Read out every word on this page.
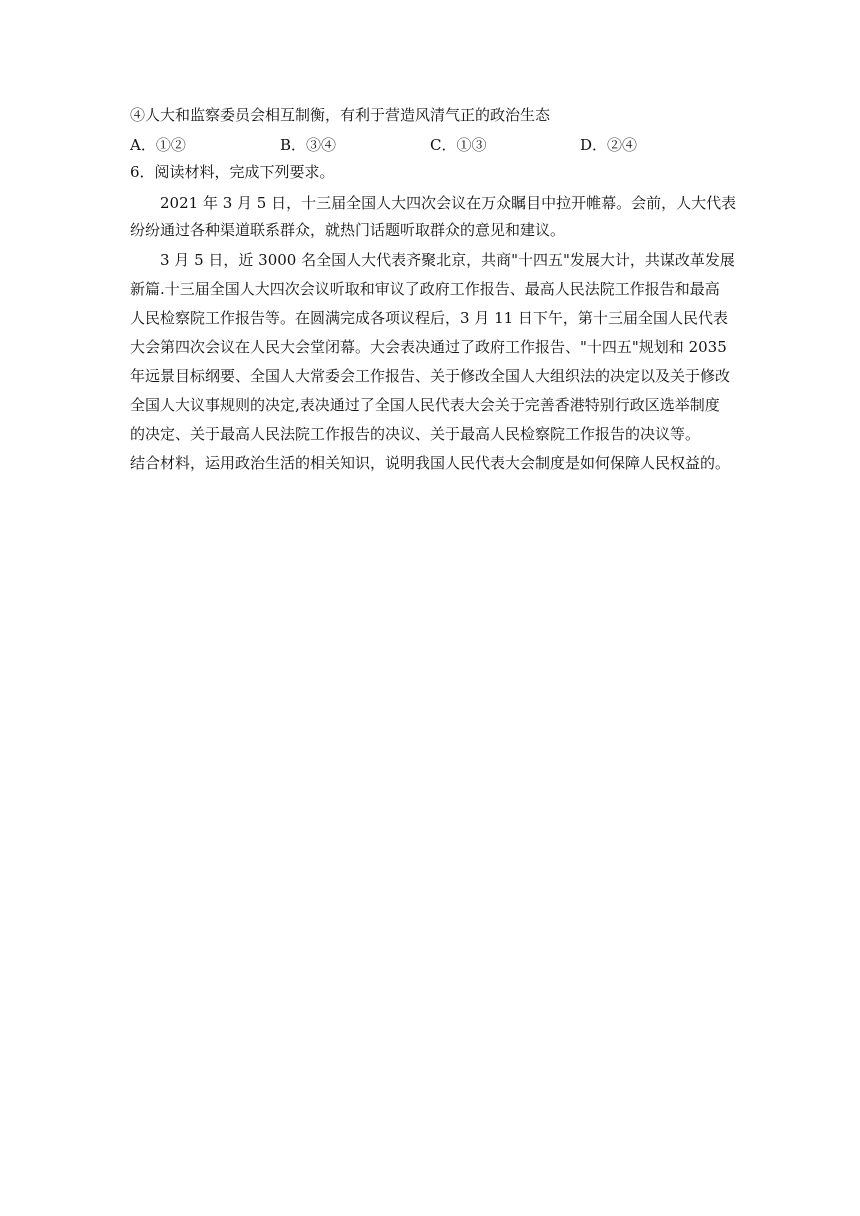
④人大和监察委员会相互制衡，有利于营造风清气正的政治生态
A．①②	B．③④	C．①③	D．②④
6．阅读材料，完成下列要求。
2021 年 3 月 5 日，十三届全国人大四次会议在万众瞩目中拉开帷幕。会前，人大代表
纷纷通过各种渠道联系群众，就热门话题听取群众的意见和建议。
3 月 5 日，近 3000 名全国人大代表齐聚北京，共商"十四五"发展大计，共谋改革发展
新篇.十三届全国人大四次会议听取和审议了政府工作报告、最高人民法院工作报告和最高
人民检察院工作报告等。在圆满完成各项议程后，3 月 11 日下午，第十三届全国人民代表
大会第四次会议在人民大会堂闭幕。大会表决通过了政府工作报告、"十四五"规划和 2035
年远景目标纲要、全国人大常委会工作报告、关于修改全国人大组织法的决定以及关于修改
全国人大议事规则的决定,表决通过了全国人民代表大会关于完善香港特别行政区选举制度
的决定、关于最高人民法院工作报告的决议、关于最高人民检察院工作报告的决议等。
结合材料，运用政治生活的相关知识，说明我国人民代表大会制度是如何保障人民权益的。
